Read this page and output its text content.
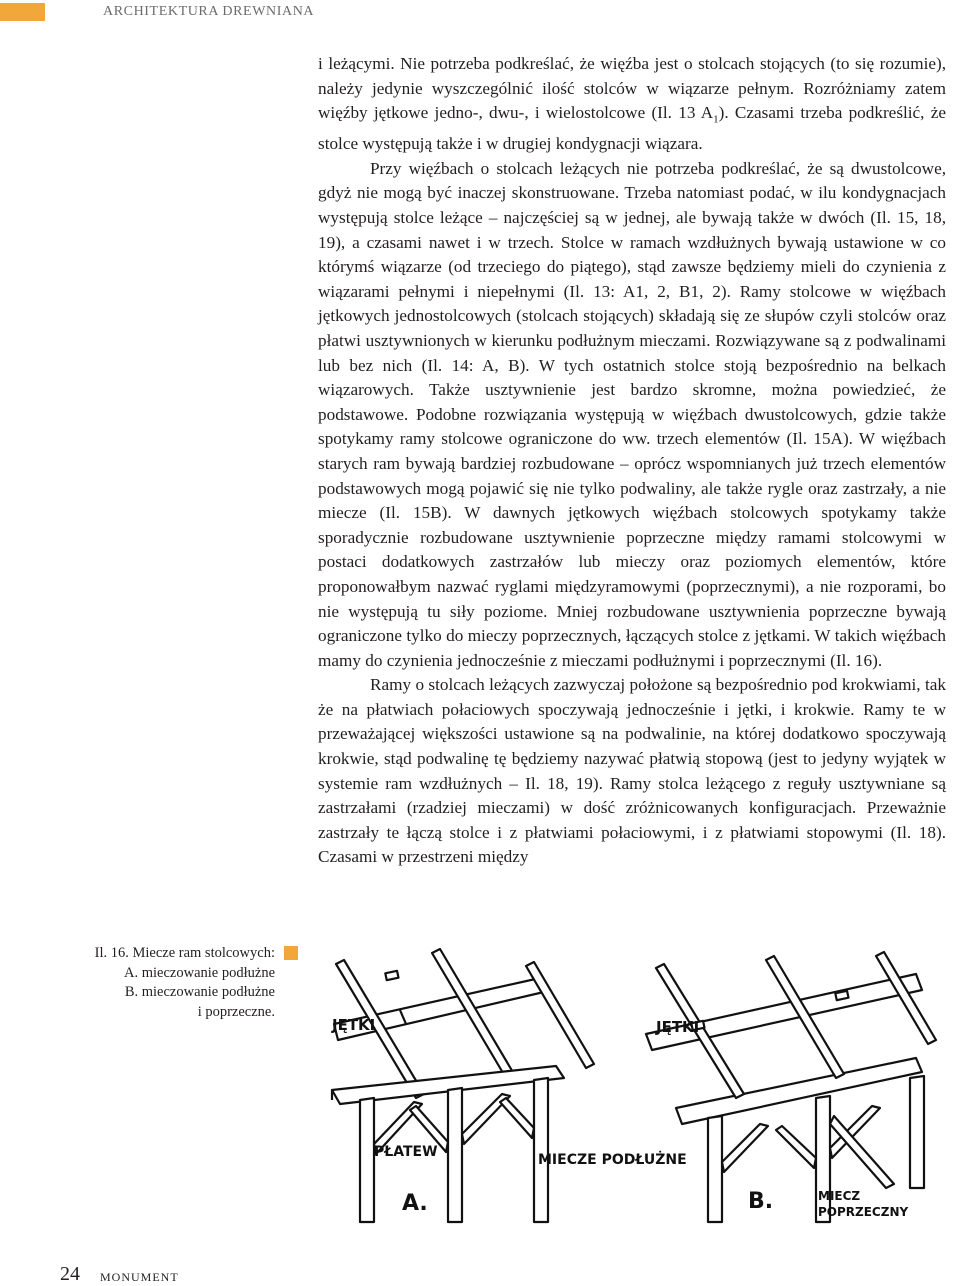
ARCHITEKTURA DREWNIANA

i leżącymi. Nie potrzeba podkreślać, że więźba jest o stolcach stojących (to się rozumie), należy jedynie wyszczególnić ilość stolców w wiązarze pełnym. Rozróżniamy zatem więźby jętkowe jedno-, dwu-, i wielostolcowe (Il. 13 $A_1$). Czasami trzeba podkreślić, że stolce występują także i w drugiej kondygnacji wiązara.

Przy więźbach o stolcach leżących nie potrzeba podkreślać, że są dwustolcowe, gdyż nie mogą być inaczej skonstruowane. Trzeba natomiast podać, w ilu kondygnacjach występują stolce leżące – najczęściej są w jednej, ale bywają także w dwóch (Il. 15, 18, 19), a czasami nawet i w trzech. Stolce w ramach wzdłużnych bywają ustawione w co którymś wiązarze (od trzeciego do piątego), stąd zawsze będziemy mieli do czynienia z wiązarami pełnymi i niepełnymi (Il. 13: A1, 2, B1, 2). Ramy stolcowe w więźbach jętkowych jednostolcowych (stolcach stojących) składają się ze słupów czyli stolców oraz płatwi usztywnionych w kierunku podłużnym mieczami. Rozwiązywane są z podwalinami lub bez nich (Il. 14: A, B). W tych ostatnich stolce stoją bezpośrednio na belkach wiązarowych. Także usztywnienie jest bardzo skromne, można powiedzieć, że podstawowe. Podobne rozwiązania występują w więźbach dwustolcowych, gdzie także spotykamy ramy stolcowe ograniczone do ww. trzech elementów (Il. 15A). W więźbach starych ram bywają bardziej rozbudowane – oprócz wspomnianych już trzech elementów podstawowych mogą pojawić się nie tylko podwaliny, ale także rygle oraz zastrzały, a nie miecze (Il. 15B). W dawnych jętkowych więźbach stolcowych spotykamy także sporadycznie rozbudowane usztywnienie poprzeczne między ramami stolcowymi w postaci dodatkowych zastrzałów lub mieczy oraz poziomych elementów, które proponowałbym nazwać ryglami międzyramowymi (poprzecznymi), a nie rozporami, bo nie występują tu siły poziome. Mniej rozbudowane usztywnienia poprzeczne bywają ograniczone tylko do mieczy poprzecznych, łączących stolce z jętkami. W takich więźbach mamy do czynienia jednocześnie z mieczami podłużnymi i poprzecznymi (Il. 16).

Ramy o stolcach leżących zazwyczaj położone są bezpośrednio pod krokwiami, tak że na płatwiach połaciowych spoczywają jednocześnie i jętki, i krokwie. Ramy te w przeważającej większości ustawione są na podwalinie, na której dodatkowo spoczywają krokwie, stąd podwalinę tę będziemy nazywać płatwią stopową (jest to jedyny wyjątek w systemie ram wzdłużnych – Il. 18, 19). Ramy stolca leżącego z reguły usztywniane są zastrzałami (rzadziej mieczami) w dość zróżnicowanych konfiguracjach. Przeważnie zastrzały te łączą stolce i z płatwiami połaciowymi, i z płatwiami stopowymi (Il. 18). Czasami w przestrzeni między

Il. 16. Miecze ram stolcowych:
A. mieczowanie podłużne
B. mieczowanie podłużne
i poprzeczne.
JĘTKI	JĘTKI
PŁATEW	MIECZE PODŁUŻNE
A.	B.	MIECZ
POPRZECZNY
24 MONUMENT
